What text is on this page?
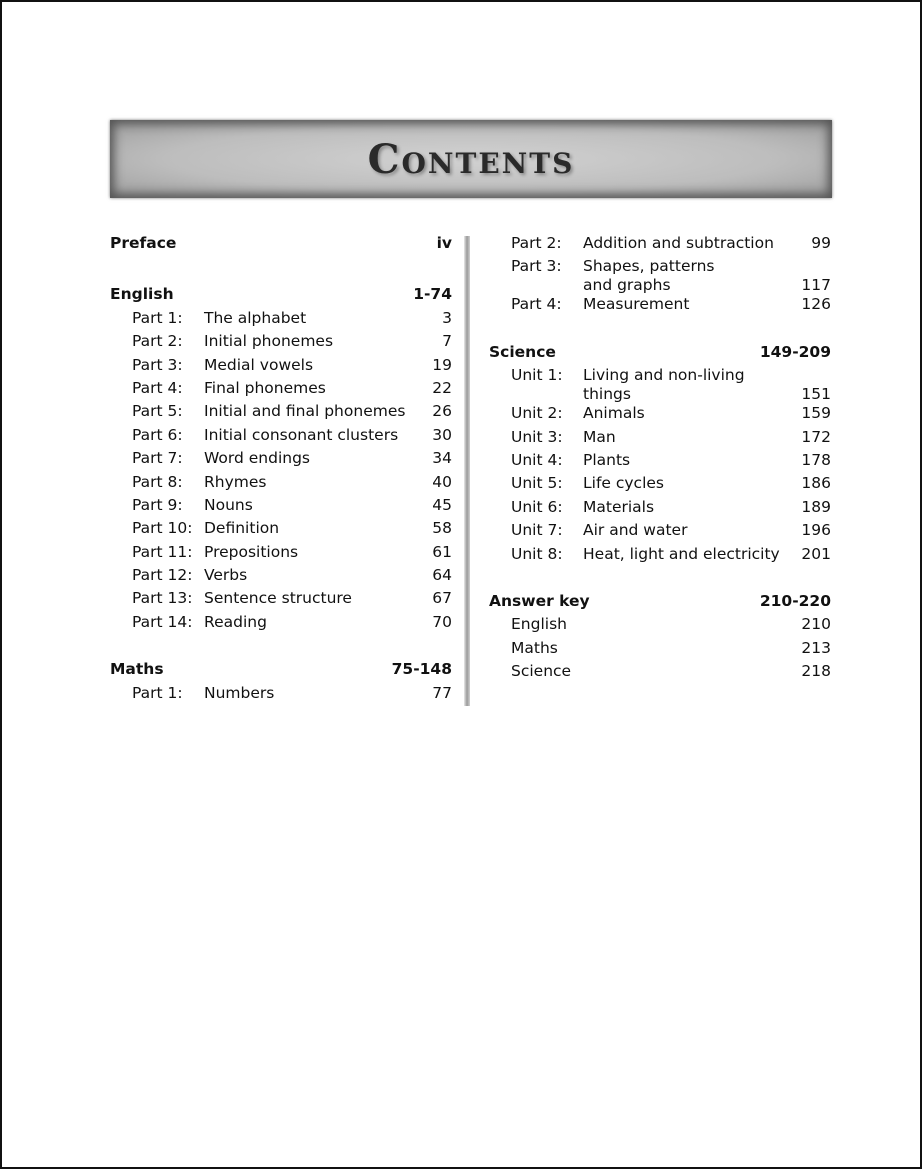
Contents
Preface	iv
English	1-74
Part 1: The alphabet	3
Part 2: Initial phonemes	7
Part 3: Medial vowels	19
Part 4: Final phonemes	22
Part 5: Initial and final phonemes 26
Part 6: Initial consonant clusters 30
Part 7: Word endings	34
Part 8: Rhymes	40
Part 9: Nouns	45
Part 10: Definition	58
Part 11: Prepositions	61
Part 12: Verbs	64
Part 13: Sentence structure	67
Part 14: Reading	70
Maths	75-148
Part 1: Numbers	77
Part 2: Addition and subtraction 99
Part 3: Shapes, patterns
and graphs	117
Part 4: Measurement	126
Science	149-209
Unit 1: Living and non-living
things	151
Unit 2: Animals	159
Unit 3: Man	172
Unit 4: Plants	178
Unit 5: Life cycles	186
Unit 6: Materials	189
Unit 7: Air and water	196
Unit 8: Heat, light and electricity 201
Answer key	210-220
English	210
Maths	213
Science	218
